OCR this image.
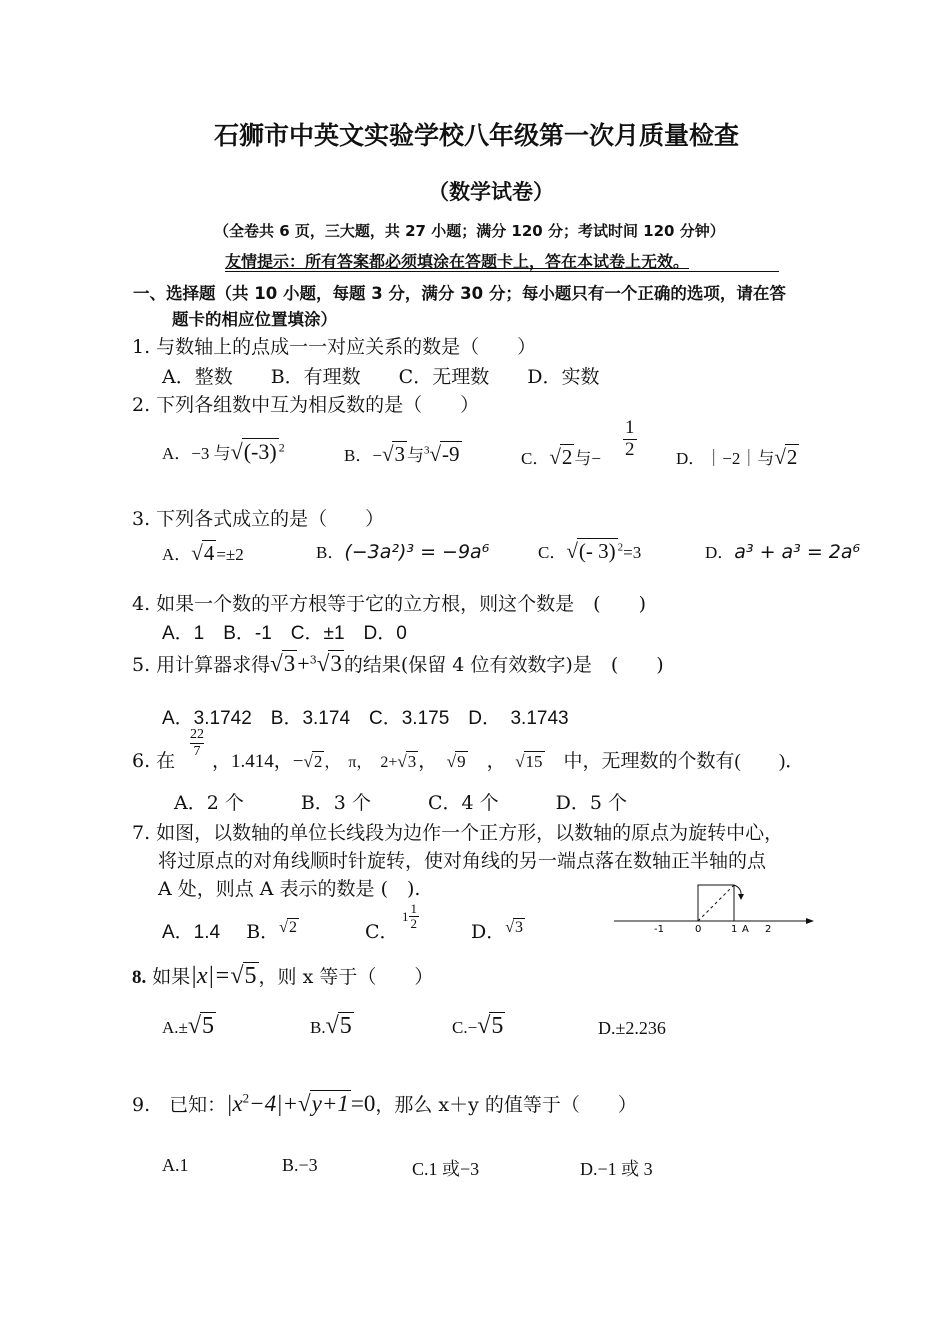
石狮市中英文实验学校八年级第一次月质量检查
（数学试卷）
（全卷共 6 页，三大题，共 27 小题；满分 120 分；考试时间 120 分钟）
友情提示：所有答案都必须填涂在答题卡上，答在本试卷上无效。
一、选择题（共 10 小题，每题 3 分，满分 30 分；每小题只有一个正确的选项，请在答
题卡的相应位置填涂）
1. 与数轴上的点成一一对应关系的数是（　　）
A．整数　　B．有理数　　C．无理数　　D．实数
2. 下列各组数中互为相反数的是（　　）
A．−3 与√(-3) $^2$	B．−√3 与$^3$√-9	C．√2 与−
1
2 D．｜−2｜与√2
3. 下列各式成立的是（　　）
A．√4 =±2	B．(−3a²)³ = −9a⁶	C．√(- 3) $^2$=3	D．a³ + a³ = 2a⁶
4. 如果一个数的平方根等于它的立方根，则这个数是　(　　)
A．1　B．-1　C．±1　D．0
5. 用计算器求得√3+$^3$√3 的结果(保留 4 位有效数字)是　(　　)
A．3.1742　B．3.174　C．3.175　D．　3.1743
6. 在
$\frac{22}{7}$
，1.414，−√2 ，　π，　2+√3 ，　 √9　 ，　 √15　 中，无理数的个数有(　　)．
A．2 个　　　B．3 个　　　C．4 个　　　D．5 个
7. 如图，以数轴的单位长线段为边作一个正方形，以数轴的原点为旋转中心，
将过原点的对角线顺时针旋转，使对角线的另一端点落在数轴正半轴的点
A 处，则点 A 表示的数是 (　).
A．1.4 B．√2	C．
$1 \frac{1}{2}$
D．√3	-1	0	1 A 2
8. 如果|x|=√5 ，则 x 等于（　　）
A.±√5	B.√5	C.−√5	D.±2.236
9.　已知：$|x^2-4|+√y+1=0$，那么 x＋y 的值等于（　　）
A.1	B.−3	C.1 或−3	D.−1 或 3
